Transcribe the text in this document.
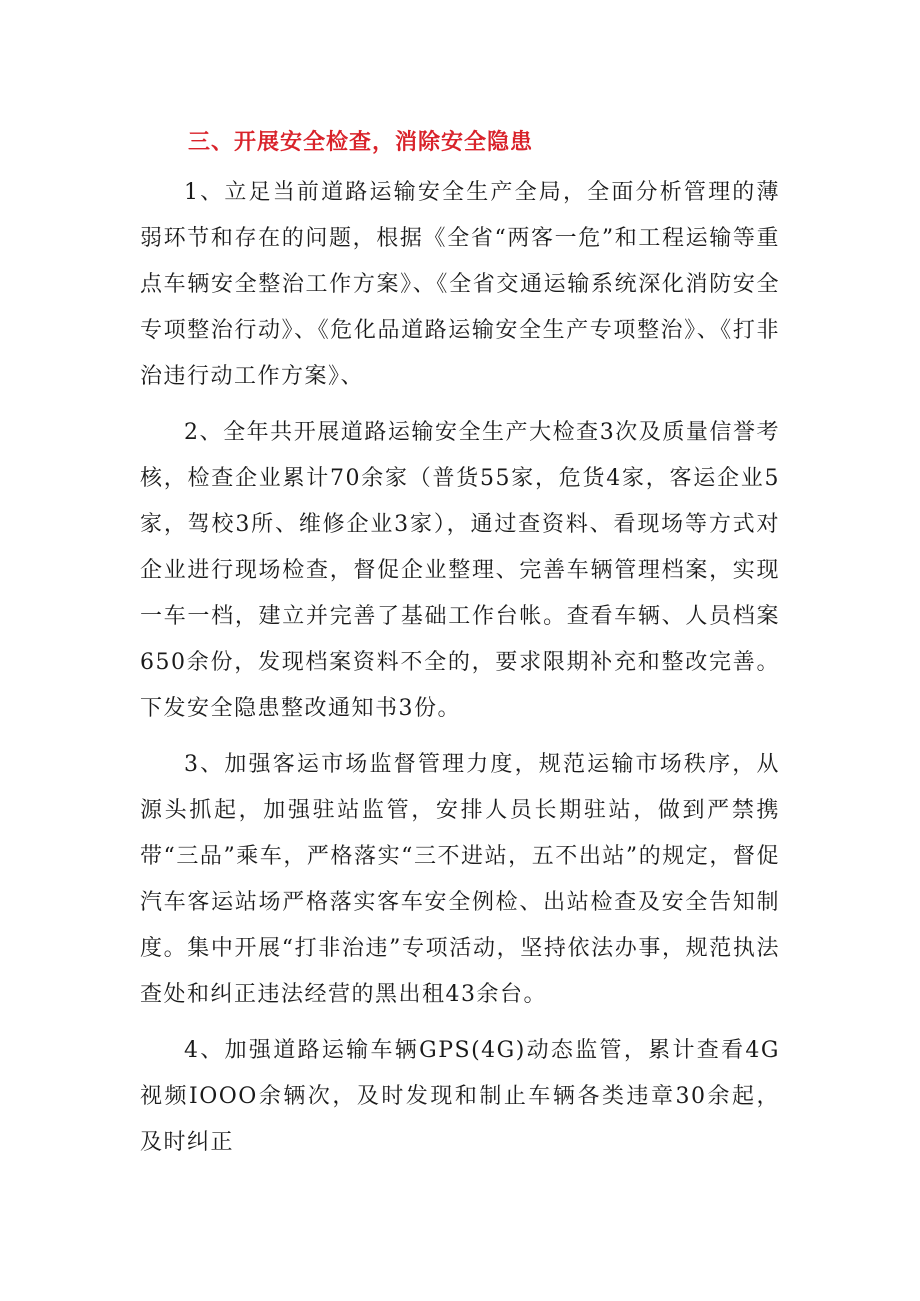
三、开展安全检查，消除安全隐患

1、立足当前道路运输安全生产全局，全面分析管理的薄弱环节和存在的问题，根据《全省“两客一危”和工程运输等重点车辆安全整治工作方案》、《全省交通运输系统深化消防安全专项整治行动》、《危化品道路运输安全生产专项整治》、《打非治违行动工作方案》、

2、全年共开展道路运输安全生产大检查3次及质量信誉考核，检查企业累计70余家（普货55家，危货4家，客运企业5家，驾校3所、维修企业3家），通过查资料、看现场等方式对企业进行现场检查，督促企业整理、完善车辆管理档案，实现一车一档，建立并完善了基础工作台帐。查看车辆、人员档案650余份，发现档案资料不全的，要求限期补充和整改完善。下发安全隐患整改通知书3份。

3、加强客运市场监督管理力度，规范运输市场秩序，从源头抓起，加强驻站监管，安排人员长期驻站，做到严禁携带“三品”乘车，严格落实“三不进站，五不出站”的规定，督促汽车客运站场严格落实客车安全例检、出站检查及安全告知制度。集中开展“打非治违”专项活动，坚持依法办事，规范执法查处和纠正违法经营的黑出租43余台。

4、加强道路运输车辆GPS(4G)动态监管，累计查看4G视频IOOO余辆次，及时发现和制止车辆各类违章30余起，及时纠正
